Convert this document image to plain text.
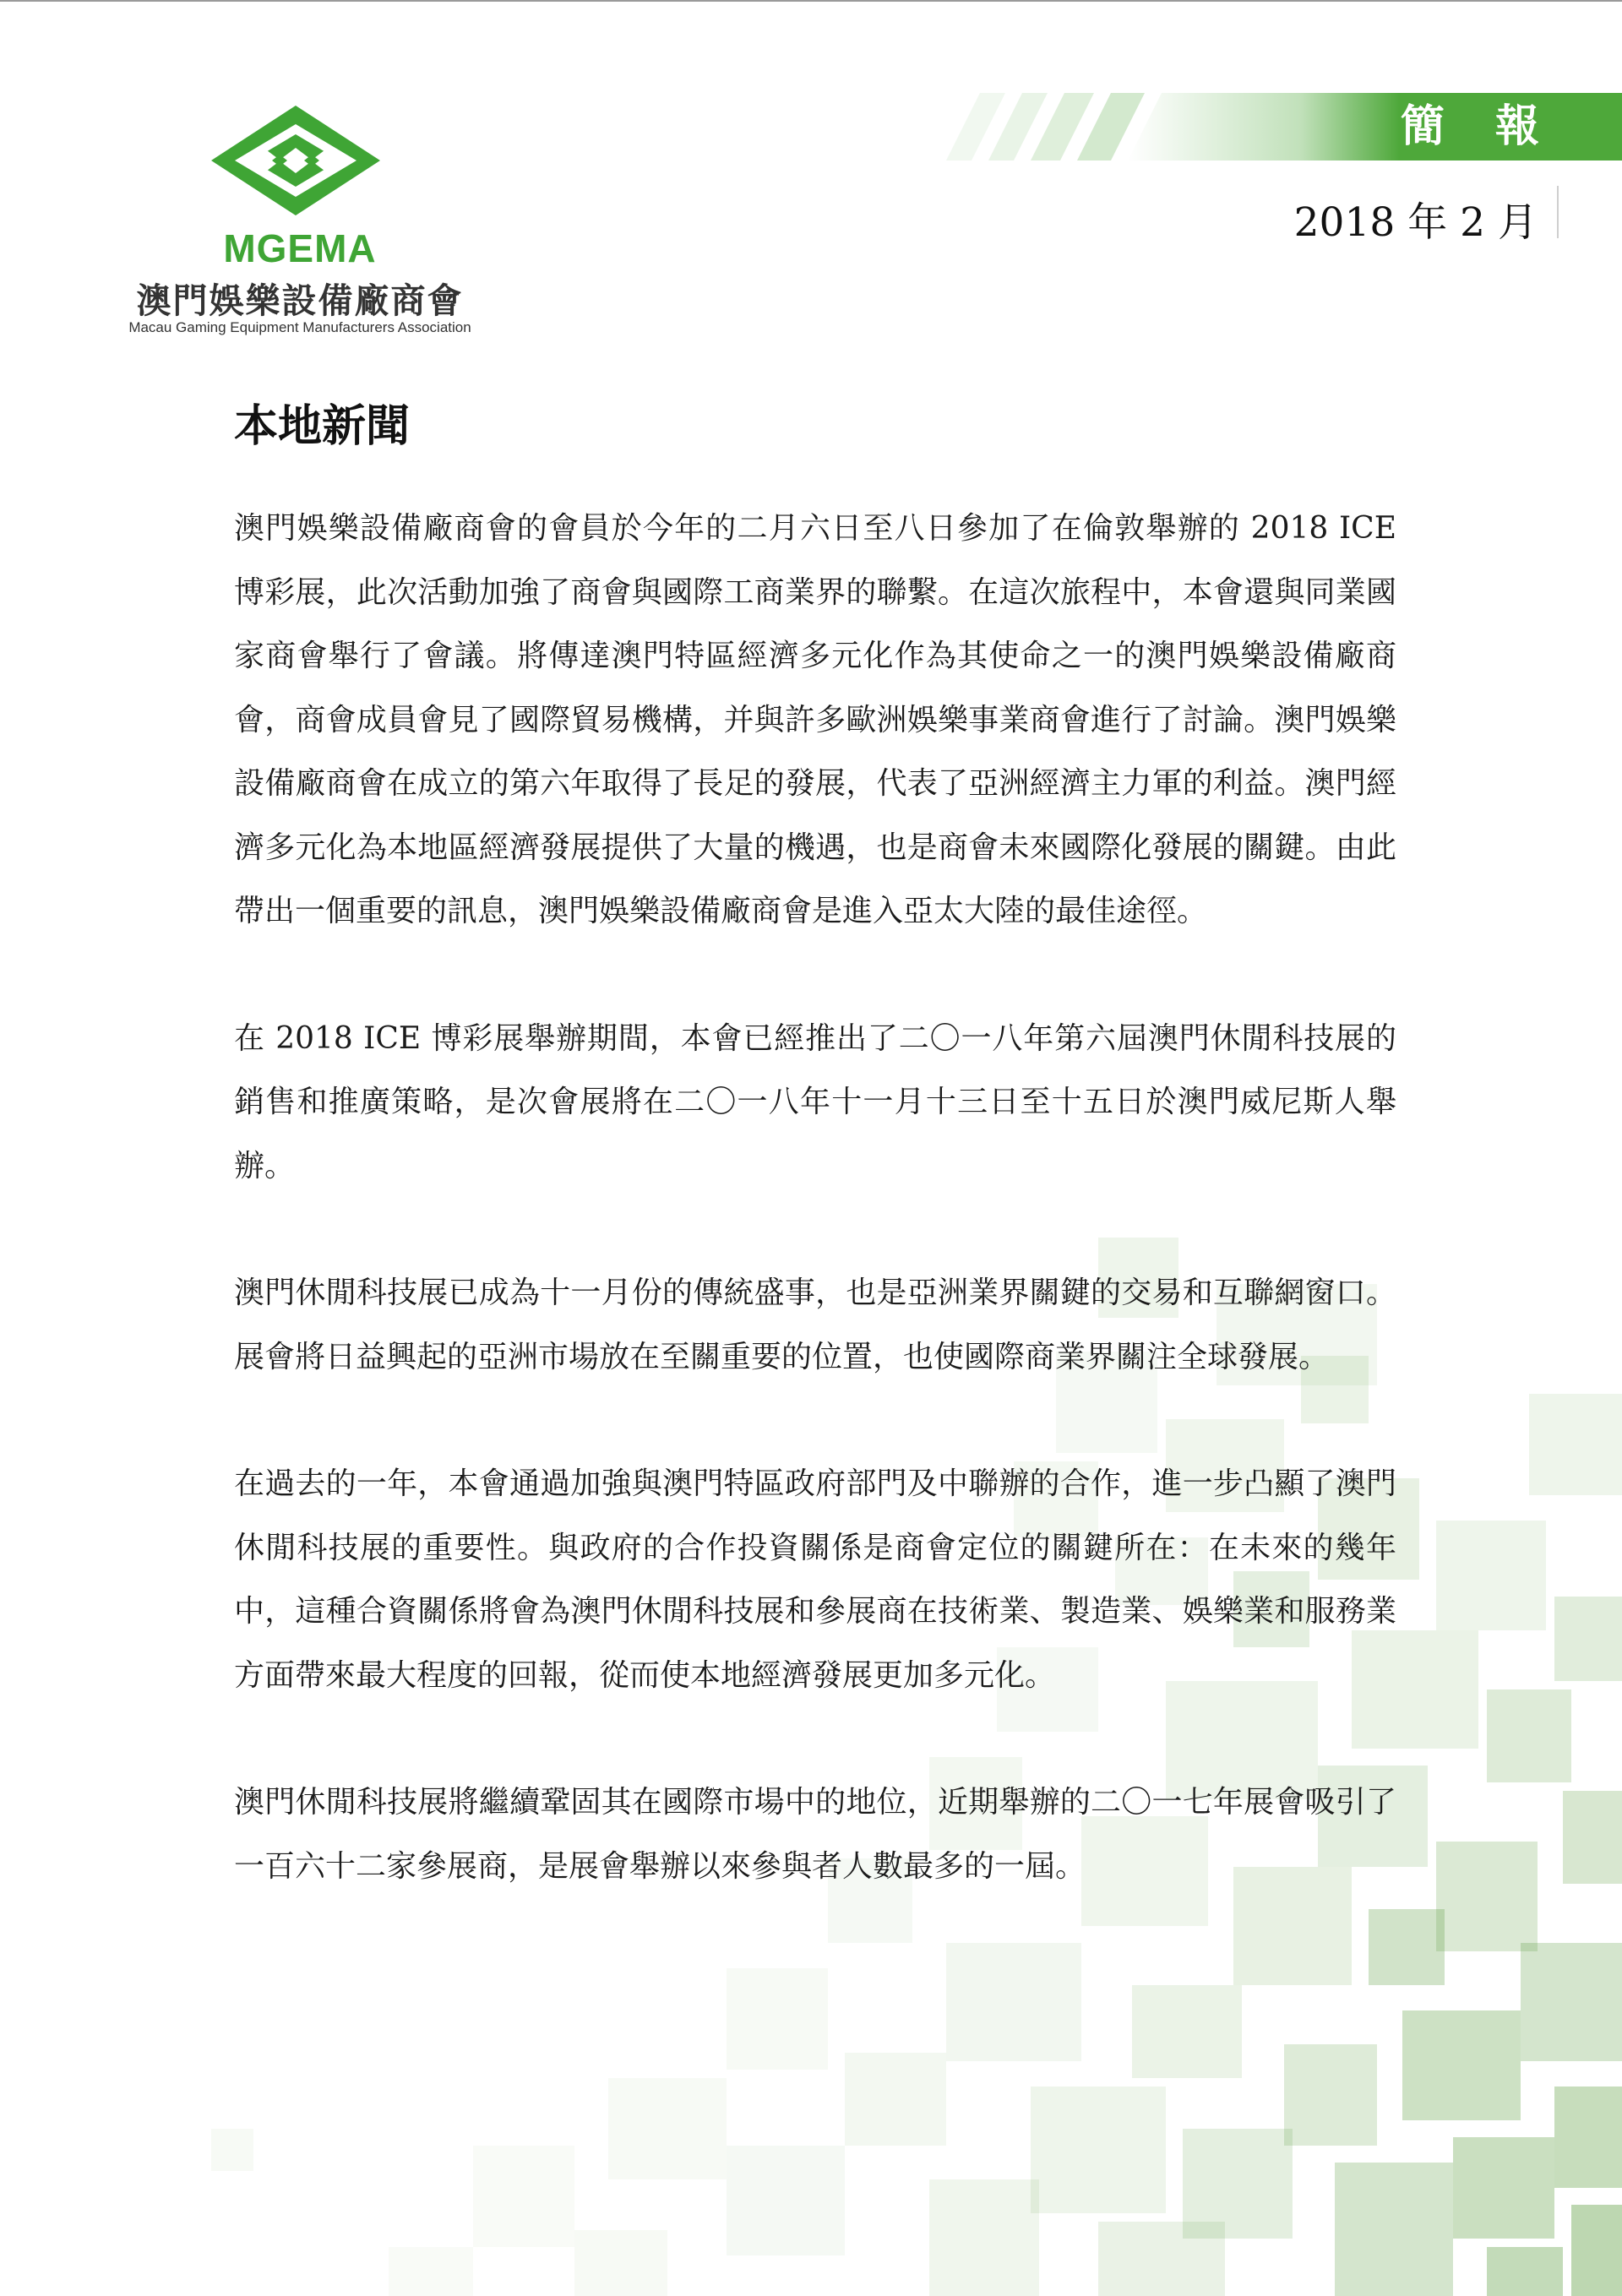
MGEMA
澳門娛樂設備廠商會
Macau Gaming Equipment Manufacturers Association
簡報
2018 年 2 月
本地新聞

澳門娛樂設備廠商會的會員於今年的二月六日至八日參加了在倫敦舉辦的 2018 ICE 博彩展，此次活動加強了商會與國際工商業界的聯繫。在這次旅程中，本會還與同業國家商會舉行了會議。將傳達澳門特區經濟多元化作為其使命之一的澳門娛樂設備廠商會，商會成員會見了國際貿易機構，并與許多歐洲娛樂事業商會進行了討論。澳門娛樂設備廠商會在成立的第六年取得了長足的發展，代表了亞洲經濟主力軍的利益。澳門經濟多元化為本地區經濟發展提供了大量的機遇，也是商會未來國際化發展的關鍵。由此帶出一個重要的訊息，澳門娛樂設備廠商會是進入亞太大陸的最佳途徑。

在 2018 ICE 博彩展舉辦期間，本會已經推出了二〇一八年第六屆澳門休閒科技展的銷售和推廣策略，是次會展將在二〇一八年十一月十三日至十五日於澳門威尼斯人舉辦。

澳門休閒科技展已成為十一月份的傳統盛事，也是亞洲業界關鍵的交易和互聯網窗口。展會將日益興起的亞洲市場放在至關重要的位置，也使國際商業界關注全球發展。

在過去的一年，本會通過加強與澳門特區政府部門及中聯辦的合作，進一步凸顯了澳門休閒科技展的重要性。與政府的合作投資關係是商會定位的關鍵所在：在未來的幾年中，這種合資關係將會為澳門休閒科技展和參展商在技術業、製造業、娛樂業和服務業方面帶來最大程度的回報，從而使本地經濟發展更加多元化。

澳門休閒科技展將繼續鞏固其在國際市場中的地位，近期舉辦的二〇一七年展會吸引了一百六十二家參展商，是展會舉辦以來參與者人數最多的一屆。
